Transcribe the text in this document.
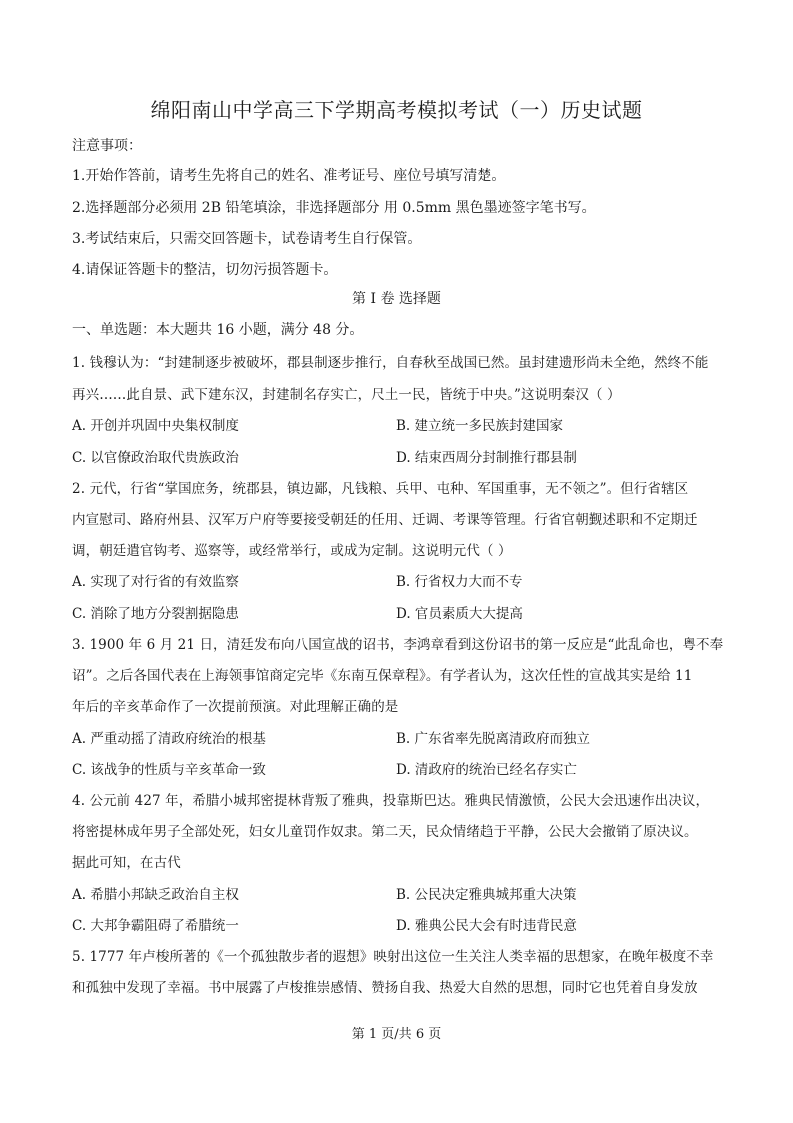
绵阳南山中学高三下学期高考模拟考试（一）历史试题
注意事项：
1.开始作答前，请考生先将自己的姓名、准考证号、座位号填写清楚。
2.选择题部分必须用 2B 铅笔填涂，非选择题部分 用 0.5mm 黑色墨迹签字笔书写。
3.考试结束后，只需交回答题卡，试卷请考生自行保管。
4.请保证答题卡的整洁，切勿污损答题卡。
第 I 卷 选择题
一、单选题：本大题共 16 小题，满分 48 分。
1. 钱穆认为：“封建制逐步被破坏，郡县制逐步推行，自春秋至战国已然。虽封建遗形尚未全绝，然终不能
再兴……此自景、武下建东汉，封建制名存实亡，尺土一民，皆统于中央。”这说明秦汉（ ）
A. 开创并巩固中央集权制度	B. 建立统一多民族封建国家
C. 以官僚政治取代贵族政治	D. 结束西周分封制推行郡县制
2. 元代，行省“掌国庶务，统郡县，镇边鄙，凡钱粮、兵甲、屯种、军国重事，无不领之”。但行省辖区
内宣慰司、路府州县、汉军万户府等要接受朝廷的任用、迁调、考课等管理。行省官朝觐述职和不定期迁
调，朝廷遣官钩考、巡察等，或经常举行，或成为定制。这说明元代（ ）
A. 实现了对行省的有效监察	B. 行省权力大而不专
C. 消除了地方分裂割据隐患	D. 官员素质大大提高
3. 1900 年 6 月 21 日，清廷发布向八国宣战的诏书，李鸿章看到这份诏书的第一反应是“此乱命也，粤不奉
诏”。之后各国代表在上海领事馆商定完毕《东南互保章程》。有学者认为，这次任性的宣战其实是给 11
年后的辛亥革命作了一次提前预演。对此理解正确的是
A. 严重动摇了清政府统治的根基	B. 广东省率先脱离清政府而独立
C. 该战争的性质与辛亥革命一致	D. 清政府的统治已经名存实亡
4. 公元前 427 年，希腊小城邦密提林背叛了雅典，投靠斯巴达。雅典民情激愤，公民大会迅速作出决议，
将密提林成年男子全部处死，妇女儿童罚作奴隶。第二天，民众情绪趋于平静，公民大会撤销了原决议。
据此可知，在古代
A. 希腊小邦缺乏政治自主权	B. 公民决定雅典城邦重大决策
C. 大邦争霸阻碍了希腊统一	D. 雅典公民大会有时违背民意
5. 1777 年卢梭所著的《一个孤独散步者的遐想》映射出这位一生关注人类幸福的思想家，在晚年极度不幸
和孤独中发现了幸福。书中展露了卢梭推崇感情、赞扬自我、热爱大自然的思想，同时它也凭着自身发放
第 1 页/共 6 页
